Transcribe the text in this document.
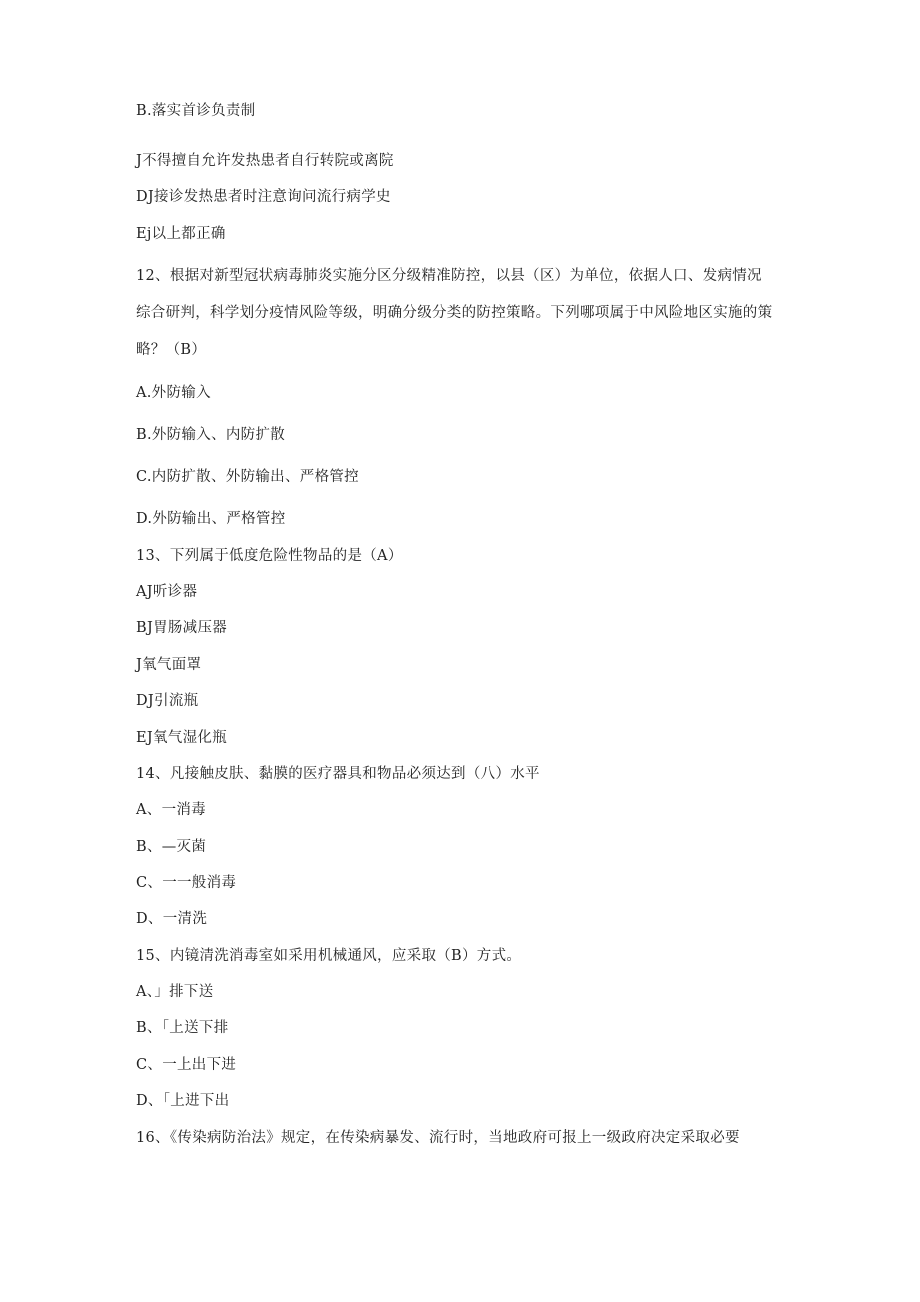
B.落实首诊负责制
J不得擅自允许发热患者自行转院或离院
DJ接诊发热患者时注意询问流行病学史
Ej以上都正确
12、根据对新型冠状病毒肺炎实施分区分级精准防控，以县（区）为单位，依据人口、发病情况综合研判，科学划分疫情风险等级，明确分级分类的防控策略。下列哪项属于中风险地区实施的策略？（B）
A.外防输入
B.外防输入、内防扩散
C.内防扩散、外防输出、严格管控
D.外防输出、严格管控
13、下列属于低度危险性物品的是（A）
AJ听诊器
BJ胃肠减压器
J氧气面罩
DJ引流瓶
EJ氧气湿化瓶
14、凡接触皮肤、黏膜的医疗器具和物品必须达到（八）水平
A、一消毒
B、—灭菌
C、一一般消毒
D、一清洗
15、内镜清洗消毒室如采用机械通风，应采取（B）方式。
A、」排下送
B、「上送下排
C、一上出下进
D、「上进下出
16、《传染病防治法》规定，在传染病暴发、流行时，当地政府可报上一级政府决定采取必要
